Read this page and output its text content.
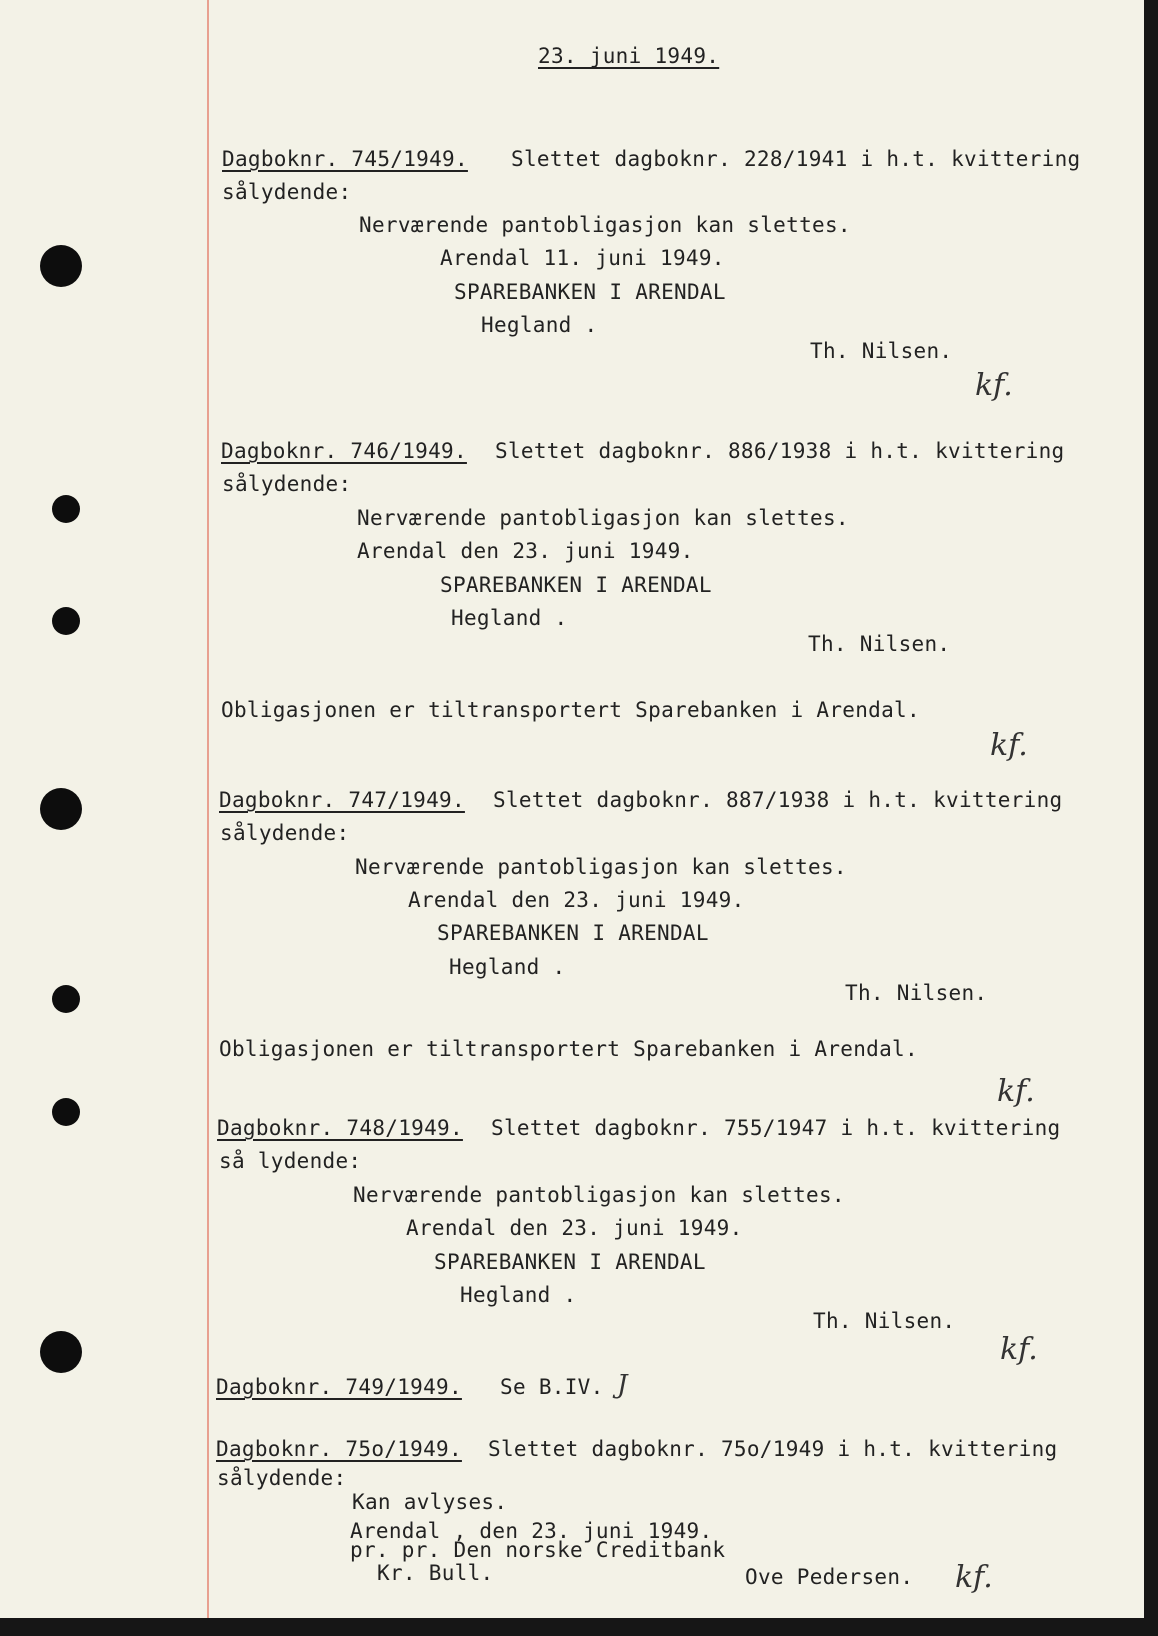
23. juni 1949.
Dagboknr. 745/1949. Slettet dagboknr. 228/1941 i h.t. kvittering
sålydende:
Nerværende pantobligasjon kan slettes.
Arendal 11. juni 1949.
SPAREBANKEN I ARENDAL
Hegland .
Th. Nilsen.
kf.
Dagboknr. 746/1949. Slettet dagboknr. 886/1938 i h.t. kvittering
sålydende:
Nerværende pantobligasjon kan slettes.
Arendal den 23. juni 1949.
SPAREBANKEN I ARENDAL
Hegland .
Th. Nilsen.
Obligasjonen er tiltransportert Sparebanken i Arendal.
kf.
Dagboknr. 747/1949. Slettet dagboknr. 887/1938 i h.t. kvittering
sålydende:
Nerværende pantobligasjon kan slettes.
Arendal den 23. juni 1949.
SPAREBANKEN I ARENDAL
Hegland .
Th. Nilsen.
Obligasjonen er tiltransportert Sparebanken i Arendal.
kf.
Dagboknr. 748/1949. Slettet dagboknr. 755/1947 i h.t. kvittering
så lydende:
Nerværende pantobligasjon kan slettes.
Arendal den 23. juni 1949.
SPAREBANKEN I ARENDAL
Hegland .
Th. Nilsen.
kf.
Dagboknr. 749/1949. Se B.IV. J
Dagboknr. 75o/1949. Slettet dagboknr. 75o/1949 i h.t. kvittering
sålydende:
Kan avlyses.
Arendal , den 23. juni 1949.
pr. pr. Den norske Creditbank
Kr. Bull.	Ove Pedersen. kf.
